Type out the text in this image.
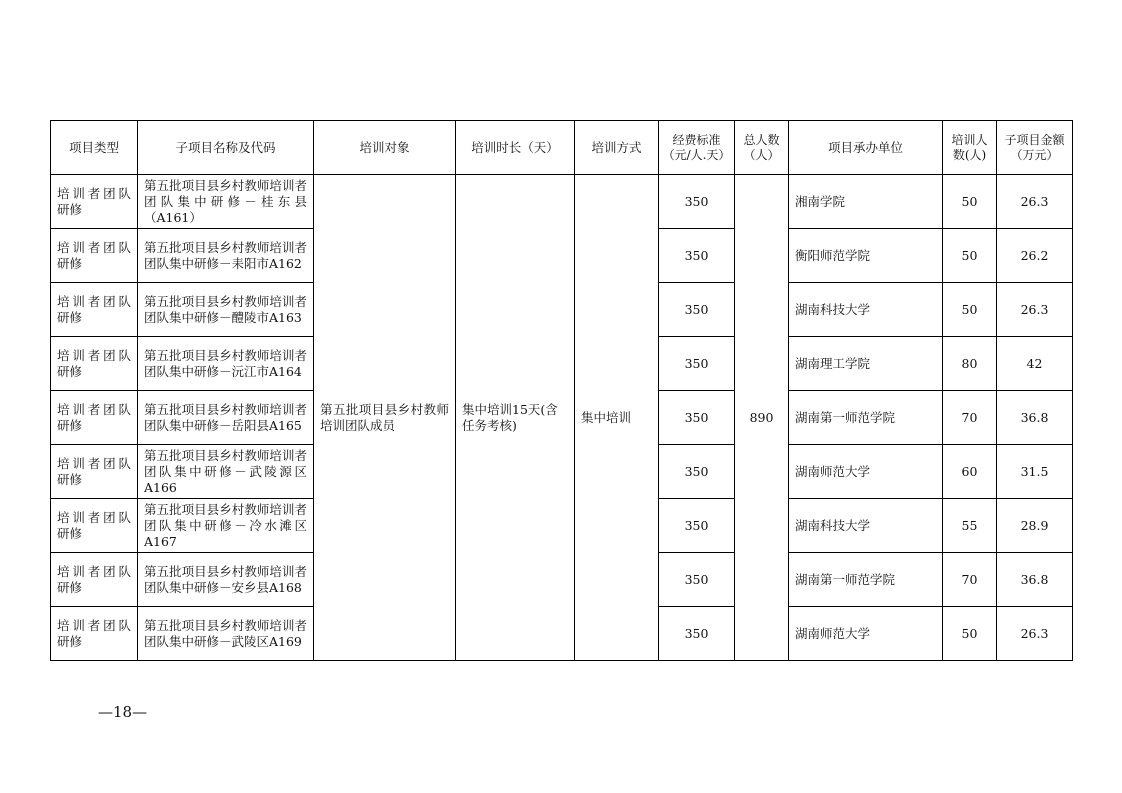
项目类型	子项目名称及代码	培训对象	培训时长（天）	培训方式	经费标准（元/人.天）	总人数（人）	项目承办单位	培训人数(人)	子项目金额（万元）
培训者团队研修	第五批项目县乡村教师培训者团队集中研修－桂东县（A161）	第五批项目县乡村教师培训团队成员	集中培训15天(含任务考核)	集中培训	350	890	湘南学院	50	26.3
培训者团队研修	第五批项目县乡村教师培训者团队集中研修－耒阳市A162				350		衡阳师范学院	50	26.2
培训者团队研修	第五批项目县乡村教师培训者团队集中研修－醴陵市A163				350		湖南科技大学	50	26.3
培训者团队研修	第五批项目县乡村教师培训者团队集中研修－沅江市A164				350		湖南理工学院	80	42
培训者团队研修	第五批项目县乡村教师培训者团队集中研修－岳阳县A165				350		湖南第一师范学院	70	36.8
培训者团队研修	第五批项目县乡村教师培训者团队集中研修－武陵源区A166				350		湖南师范大学	60	31.5
培训者团队研修	第五批项目县乡村教师培训者团队集中研修－冷水滩区A167				350		湖南科技大学	55	28.9
培训者团队研修	第五批项目县乡村教师培训者团队集中研修－安乡县A168				350		湖南第一师范学院	70	36.8
培训者团队研修	第五批项目县乡村教师培训者团队集中研修－武陵区A169				350		湖南师范大学	50	26.3
—18—
